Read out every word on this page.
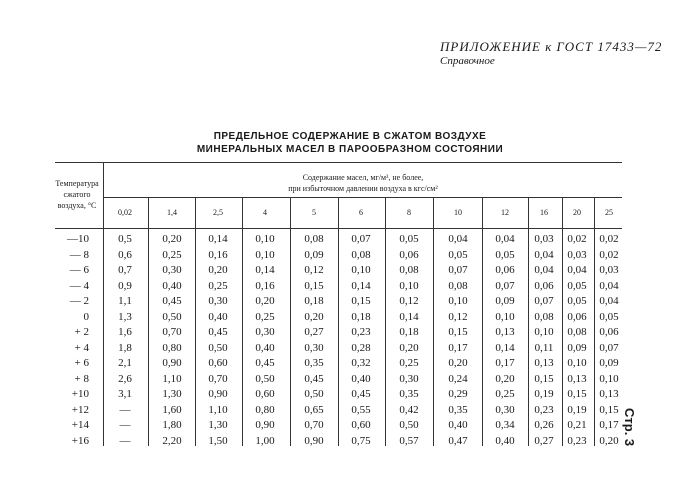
ПРИЛОЖЕНИЕ к ГОСТ 17433—72
Справочное
ПРЕДЕЛЬНОЕ СОДЕРЖАНИЕ В СЖАТОМ ВОЗДУХЕ
МИНЕРАЛЬНЫХ МАСЕЛ В ПАРООБРАЗНОМ СОСТОЯНИИ
Температура сжатого воздуха, °С
Содержание масел, мг/м³, не более,
при избыточном давлении воздуха в кгс/см²
0,02	1,4	2,5	4	5	6	8	10	12	16	20	25
—10	0,5	0,20	0,14	0,10	0,08	0,07	0,05	0,04	0,04	0,03	0,02	0,02
— 8	0,6	0,25	0,16	0,10	0,09	0,08	0,06	0,05	0,05	0,04	0,03	0,02
— 6	0,7	0,30	0,20	0,14	0,12	0,10	0,08	0,07	0,06	0,04	0,04	0,03
— 4	0,9	0,40	0,25	0,16	0,15	0,14	0,10	0,08	0,07	0,06	0,05	0,04
— 2	1,1	0,45	0,30	0,20	0,18	0,15	0,12	0,10	0,09	0,07	0,05	0,04
0	1,3	0,50	0,40	0,25	0,20	0,18	0,14	0,12	0,10	0,08	0,06	0,05
+ 2	1,6	0,70	0,45	0,30	0,27	0,23	0,18	0,15	0,13	0,10	0,08	0,06
+ 4	1,8	0,80	0,50	0,40	0,30	0,28	0,20	0,17	0,14	0,11	0,09	0,07
+ 6	2,1	0,90	0,60	0,45	0,35	0,32	0,25	0,20	0,17	0,13	0,10	0,09
+ 8	2,6	1,10	0,70	0,50	0,45	0,40	0,30	0,24	0,20	0,15	0,13	0,10
+10	3,1	1,30	0,90	0,60	0,50	0,45	0,35	0,29	0,25	0,19	0,15	0,13
+12	—	1,60	1,10	0,80	0,65	0,55	0,42	0,35	0,30	0,23	0,19	0,15
+14	—	1,80	1,30	0,90	0,70	0,60	0,50	0,40	0,34	0,26	0,21	0,17
+16	—	2,20	1,50	1,00	0,90	0,75	0,57	0,47	0,40	0,27	0,23	0,20 Стр. 3
